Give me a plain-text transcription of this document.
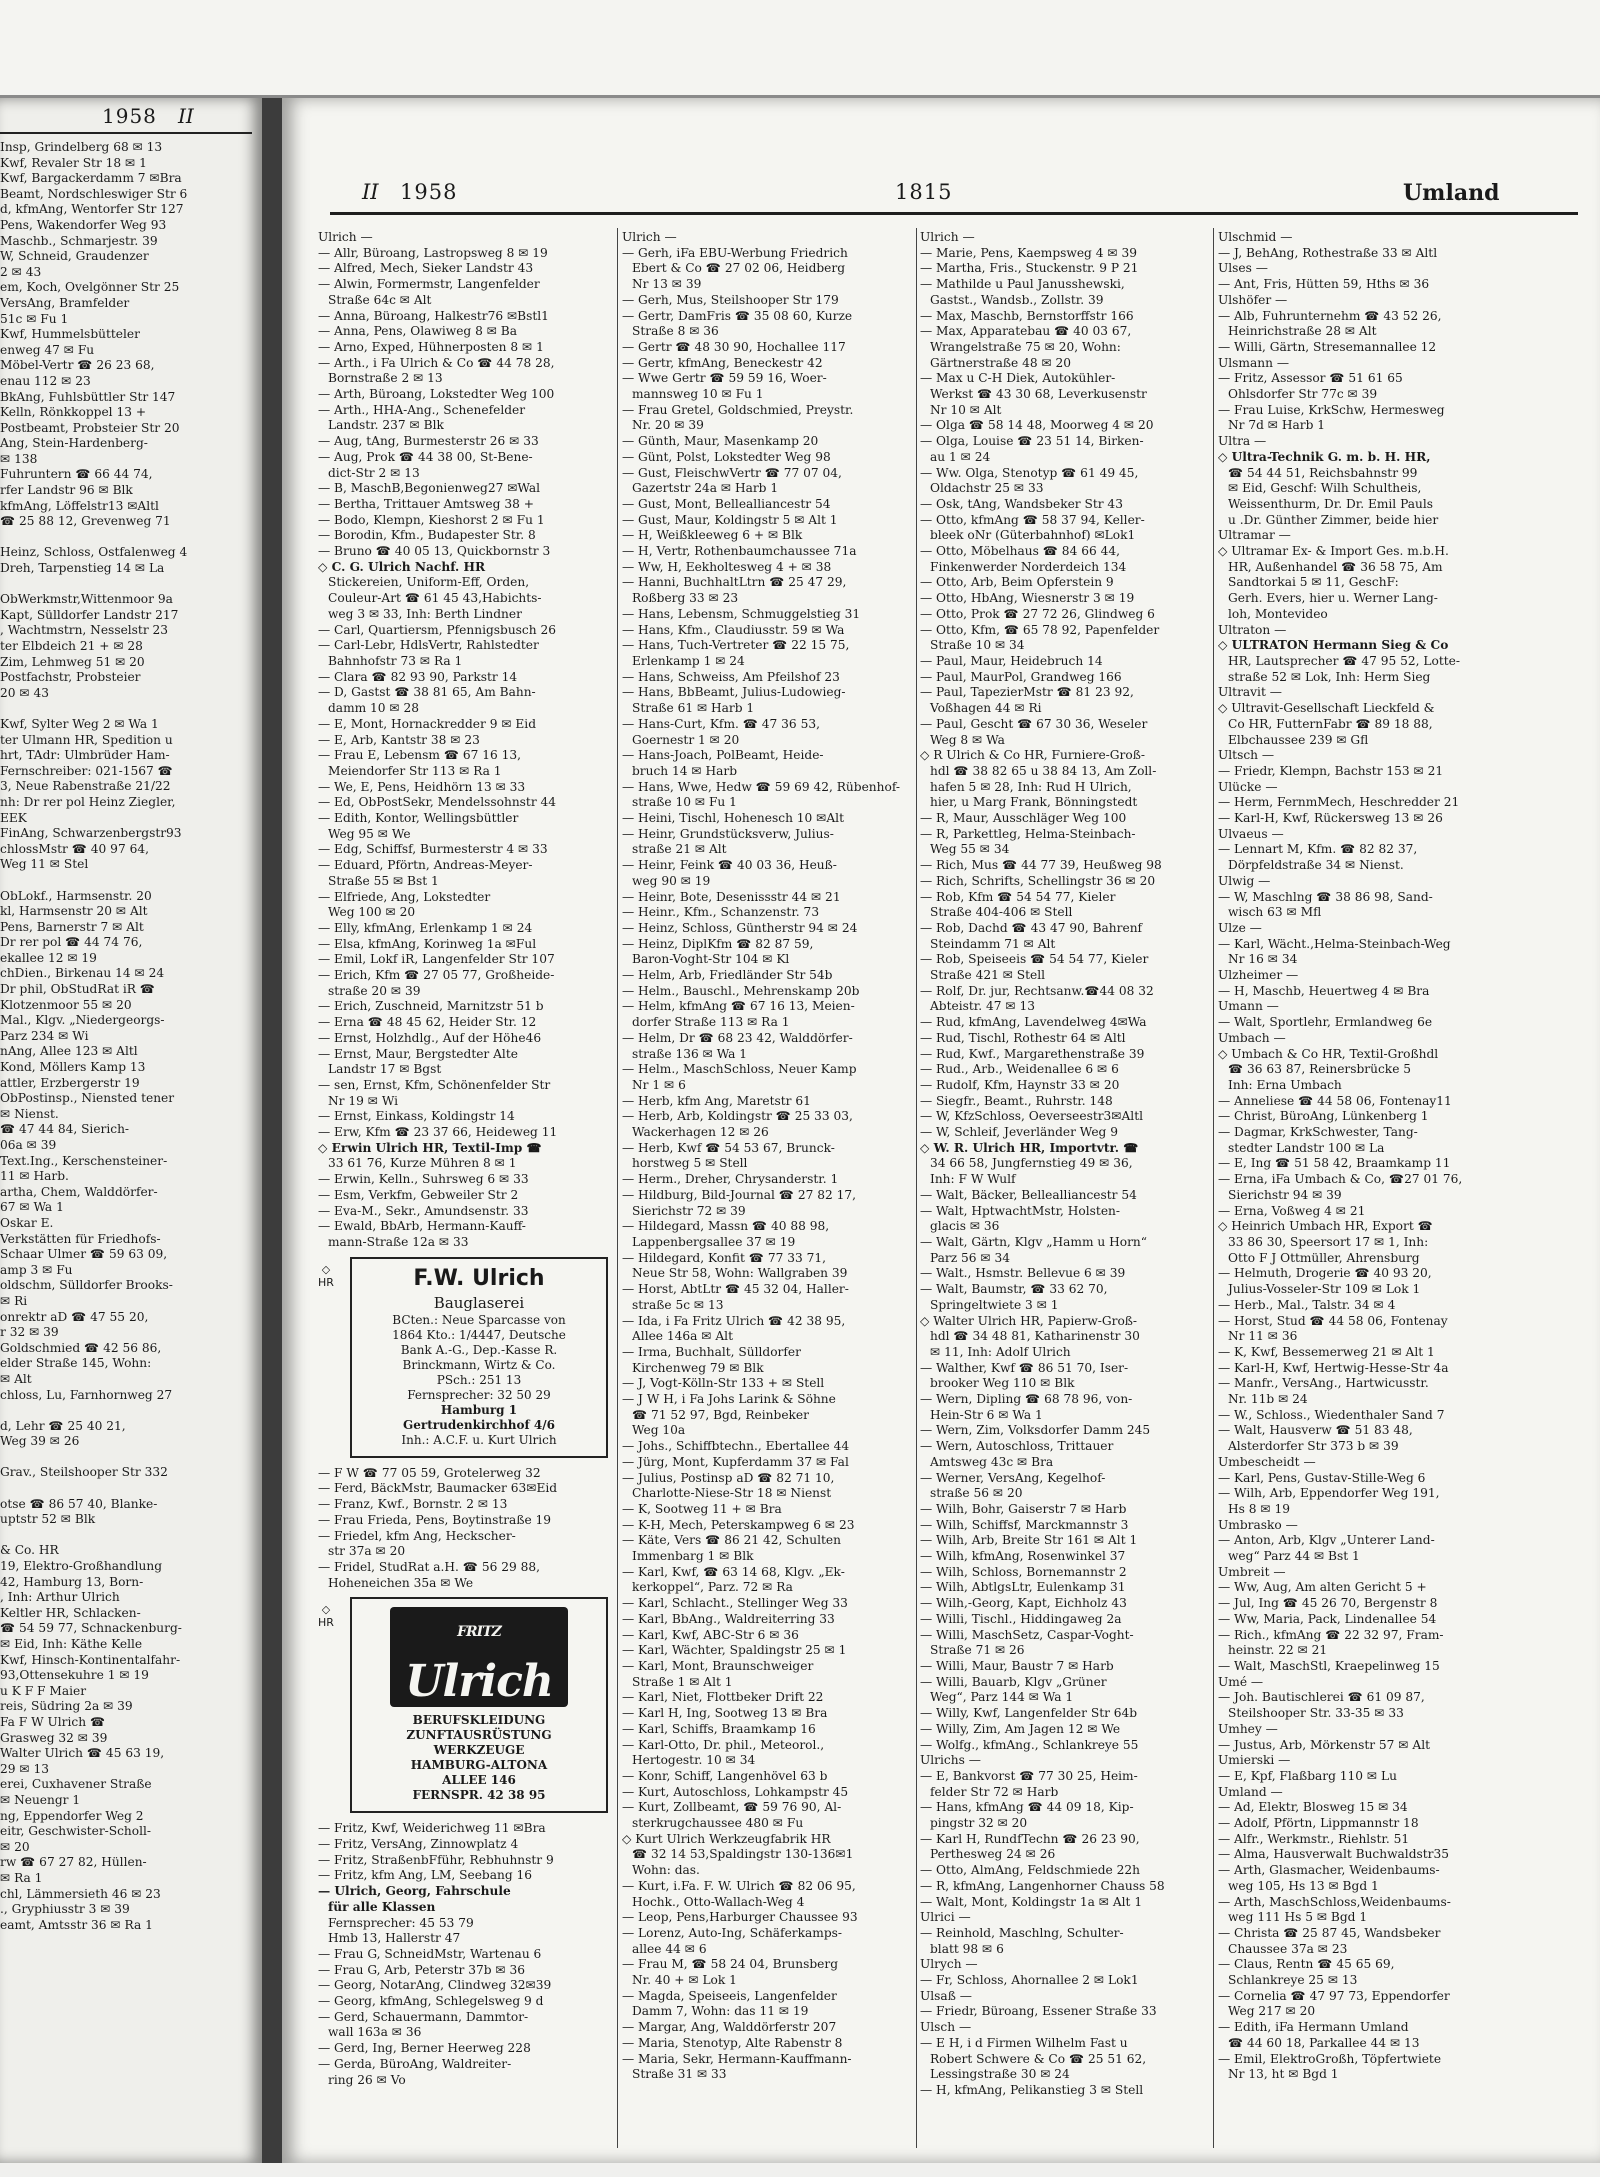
1958 II
Insp, Grindelberg 68 ✉ 13
Kwf, Revaler Str 18 ✉ 1
Kwf, Bargackerdamm 7 ✉Bra
Beamt, Nordschleswiger Str 6
d, kfmAng, Wentorfer Str 127
Pens, Wakendorfer Weg 93
Maschb., Schmarjestr. 39
W, Schneid, Graudenzer
2 ✉ 43
em, Koch, Ovelgönner Str 25
VersAng, Bramfelder
51c ✉ Fu 1
Kwf, Hummelsbütteler
enweg 47 ✉ Fu
Möbel-Vertr ☎ 26 23 68,
enau 112 ✉ 23
BkAng, Fuhlsbüttler Str 147
Kelln, Rönkkoppel 13 +
Postbeamt, Probsteier Str 20
Ang, Stein-Hardenberg-
✉ 138
Fuhruntern ☎ 66 44 74,
rfer Landstr 96 ✉ Blk
kfmAng, Löffelstr13 ✉Altl
☎ 25 88 12, Grevenweg 71

Heinz, Schloss, Ostfalenweg 4
Dreh, Tarpenstieg 14 ✉ La

ObWerkmstr,Wittenmoor 9a
Kapt, Sülldorfer Landstr 217
, Wachtmstrn, Nesselstr 23
ter Elbdeich 21 + ✉ 28
Zim, Lehmweg 51 ✉ 20
Postfachstr, Probsteier
20 ✉ 43

Kwf, Sylter Weg 2 ✉ Wa 1
ter Ulmann HR, Spedition u
hrt, TAdr: Ulmbrüder Ham-
Fernschreiber: 021-1567 ☎
3, Neue Rabenstraße 21/22
nh: Dr rer pol Heinz Ziegler,
EEK
FinAng, Schwarzenbergstr93
chlossMstr ☎ 40 97 64,
Weg 11 ✉ Stel

ObLokf., Harmsenstr. 20
kl, Harmsenstr 20 ✉ Alt
Pens, Barnerstr 7 ✉ Alt
Dr rer pol ☎ 44 74 76,
ekallee 12 ✉ 19
chDien., Birkenau 14 ✉ 24
Dr phil, ObStudRat iR ☎
Klotzenmoor 55 ✉ 20
Mal., Klgv. „Niedergeorgs-
Parz 234 ✉ Wi
nAng, Allee 123 ✉ Altl
Kond, Möllers Kamp 13
attler, Erzbergerstr 19
ObPostinsp., Niensted tener
✉ Nienst.
☎ 47 44 84, Sierich-
06a ✉ 39
Text.Ing., Kerschensteiner-
11 ✉ Harb.
artha, Chem, Walddörfer-
67 ✉ Wa 1
Oskar E.
Verkstätten für Friedhofs-
Schaar Ulmer ☎ 59 63 09,
amp 3 ✉ Fu
oldschm, Sülldorfer Brooks-
✉ Ri
onrektr aD ☎ 47 55 20,
r 32 ✉ 39
Goldschmied ☎ 42 56 86,
elder Straße 145, Wohn:
✉ Alt
chloss, Lu, Farnhornweg 27

d, Lehr ☎ 25 40 21,
Weg 39 ✉ 26

Grav., Steilshooper Str 332

otse ☎ 86 57 40, Blanke-
uptstr 52 ✉ Blk

& Co. HR
19, Elektro-Großhandlung
42, Hamburg 13, Born-
, Inh: Arthur Ulrich
Keltler HR, Schlacken-
☎ 54 59 77, Schnackenburg-
✉ Eid, Inh: Käthe Kelle
Kwf, Hinsch-Kontinentalfahr-
93,Ottensekuhre 1 ✉ 19
u K F F Maier
reis, Südring 2a ✉ 39
Fa F W Ulrich ☎
Grasweg 32 ✉ 39
Walter Ulrich ☎ 45 63 19,
29 ✉ 13
erei, Cuxhavener Straße
✉ Neuengr 1
ng, Eppendorfer Weg 2
eitr, Geschwister-Scholl-
✉ 20
rw ☎ 67 27 82, Hüllen-
✉ Ra 1
chl, Lämmersieth 46 ✉ 23
., Gryphiusstr 3 ✉ 39
eamt, Amtsstr 36 ✉ Ra 1
II 1958	1815	Umland
Ulrich —
— Allr, Büroang, Lastropsweg 8 ✉ 19
— Alfred, Mech, Sieker Landstr 43
— Alwin, Formermstr, Langenfelder
Straße 64c ✉ Alt
— Anna, Büroang, Halkestr76 ✉Bstl1
— Anna, Pens, Olawiweg 8 ✉ Ba
— Arno, Exped, Hühnerposten 8 ✉ 1
— Arth., i Fa Ulrich & Co ☎ 44 78 28,
Bornstraße 2 ✉ 13
— Arth, Büroang, Lokstedter Weg 100
— Arth., HHA-Ang., Schenefelder
Landstr. 237 ✉ Blk
— Aug, tAng, Burmesterstr 26 ✉ 33
— Aug, Prok ☎ 44 38 00, St-Bene-
dict-Str 2 ✉ 13
— B, MaschB,Begonienweg27 ✉Wal
— Bertha, Trittauer Amtsweg 38 +
— Bodo, Klempn, Kieshorst 2 ✉ Fu 1
— Borodin, Kfm., Budapester Str. 8
— Bruno ☎ 40 05 13, Quickbornstr 3
◇ C. G. Ulrich Nachf. HR
Stickereien, Uniform-Eff, Orden,
Couleur-Art ☎ 61 45 43,Habichts-
weg 3 ✉ 33, Inh: Berth Lindner
— Carl, Quartiersm, Pfennigsbusch 26
— Carl-Lebr, HdlsVertr, Rahlstedter
Bahnhofstr 73 ✉ Ra 1
— Clara ☎ 82 93 90, Parkstr 14
— D, Gastst ☎ 38 81 65, Am Bahn-
damm 10 ✉ 28
— E, Mont, Hornackredder 9 ✉ Eid
— E, Arb, Kantstr 38 ✉ 23
— Frau E, Lebensm ☎ 67 16 13,
Meiendorfer Str 113 ✉ Ra 1
— We, E, Pens, Heidhörn 13 ✉ 33
— Ed, ObPostSekr, Mendelssohnstr 44
— Edith, Kontor, Wellingsbüttler
Weg 95 ✉ We
— Edg, Schiffsf, Burmesterstr 4 ✉ 33
— Eduard, Pförtn, Andreas-Meyer-
Straße 55 ✉ Bst 1
— Elfriede, Ang, Lokstedter
Weg 100 ✉ 20
— Elly, kfmAng, Erlenkamp 1 ✉ 24
— Elsa, kfmAng, Korinweg 1a ✉Ful
— Emil, Lokf iR, Langenfelder Str 107
— Erich, Kfm ☎ 27 05 77, Großheide-
straße 20 ✉ 39
— Erich, Zuschneid, Marnitzstr 51 b
— Erna ☎ 48 45 62, Heider Str. 12
— Ernst, Holzhdlg., Auf der Höhe46
— Ernst, Maur, Bergstedter Alte
Landstr 17 ✉ Bgst
— sen, Ernst, Kfm, Schönenfelder Str
Nr 19 ✉ Wi
— Ernst, Einkass, Koldingstr 14
— Erw, Kfm ☎ 23 37 66, Heideweg 11
◇ Erwin Ulrich HR, Textil-Imp ☎
33 61 76, Kurze Mühren 8 ✉ 1
— Erwin, Kelln., Suhrsweg 6 ✉ 33
— Esm, Verkfm, Gebweiler Str 2
— Eva-M., Sekr., Amundsenstr. 33
— Ewald, BbArb, Hermann-Kauff-
mann-Straße 12a ✉ 33
◇
HR	F.W. Ulrich
Bauglaserei
BCten.: Neue Sparcasse von
1864 Kto.: 1/4447, Deutsche
Bank A.-G., Dep.-Kasse R.
Brinckmann, Wirtz & Co.
PSch.: 251 13
Fernsprecher: 32 50 29
Hamburg 1
Gertrudenkirchhof 4/6
Inh.: A.C.F. u. Kurt Ulrich
— F W ☎ 77 05 59, Grotelerweg 32
— Ferd, BäckMstr, Baumacker 63✉Eid
— Franz, Kwf., Bornstr. 2 ✉ 13
— Frau Frieda, Pens, Boytinstraße 19
— Friedel, kfm Ang, Heckscher-
str 37a ✉ 20
— Fridel, StudRat a.H. ☎ 56 29 88,
Hoheneichen 35a ✉ We
◇
HR
$^{FRITZ}$ Ulrich
BERUFSKLEIDUNG
ZUNFTAUSRÜSTUNG
WERKZEUGE
HAMBURG-ALTONA
ALLEE 146
FERNSPR. 42 38 95
— Fritz, Kwf, Weiderichweg 11 ✉Bra
— Fritz, VersAng, Zinnowplatz 4
— Fritz, StraßenbFführ, Rebhuhnstr 9
— Fritz, kfm Ang, LM, Seebang 16
— Ulrich, Georg, Fahrschule
für alle Klassen
Fernsprecher: 45 53 79
Hmb 13, Hallerstr 47
— Frau G, SchneidMstr, Wartenau 6
— Frau G, Arb, Peterstr 37b ✉ 36
— Georg, NotarAng, Clindweg 32✉39
— Georg, kfmAng, Schlegelsweg 9 d
— Gerd, Schauermann, Dammtor-
wall 163a ✉ 36
— Gerd, Ing, Berner Heerweg 228
— Gerda, BüroAng, Waldreiter-
ring 26 ✉ Vo
Ulrich —
— Gerh, iFa EBU-Werbung Friedrich
Ebert & Co ☎ 27 02 06, Heidberg
Nr 13 ✉ 39
— Gerh, Mus, Steilshooper Str 179
— Gertr, DamFris ☎ 35 08 60, Kurze
Straße 8 ✉ 36
— Gertr ☎ 48 30 90, Hochallee 117
— Gertr, kfmAng, Beneckestr 42
— Wwe Gertr ☎ 59 59 16, Woer-
mannsweg 10 ✉ Fu 1
— Frau Gretel, Goldschmied, Preystr.
Nr. 20 ✉ 39
— Günth, Maur, Masenkamp 20
— Günt, Polst, Lokstedter Weg 98
— Gust, FleischwVertr ☎ 77 07 04,
Gazertstr 24a ✉ Harb 1
— Gust, Mont, Bellealliancestr 54
— Gust, Maur, Koldingstr 5 ✉ Alt 1
— H, Weißkleeweg 6 + ✉ Blk
— H, Vertr, Rothenbaumchaussee 71a
— Ww, H, Eekholtesweg 4 + ✉ 38
— Hanni, BuchhaltLtrn ☎ 25 47 29,
Roßberg 33 ✉ 23
— Hans, Lebensm, Schmuggelstieg 31
— Hans, Kfm., Claudiusstr. 59 ✉ Wa
— Hans, Tuch-Vertreter ☎ 22 15 75,
Erlenkamp 1 ✉ 24
— Hans, Schweiss, Am Pfeilshof 23
— Hans, BbBeamt, Julius-Ludowieg-
Straße 61 ✉ Harb 1
— Hans-Curt, Kfm. ☎ 47 36 53,
Goernestr 1 ✉ 20
— Hans-Joach, PolBeamt, Heide-
bruch 14 ✉ Harb
— Hans, Wwe, Hedw ☎ 59 69 42, Rübenhof-
straße 10 ✉ Fu 1
— Heini, Tischl, Hohenesch 10 ✉Alt
— Heinr, Grundstücksverw, Julius-
straße 21 ✉ Alt
— Heinr, Feink ☎ 40 03 36, Heuß-
weg 90 ✉ 19
— Heinr, Bote, Desenissstr 44 ✉ 21
— Heinr., Kfm., Schanzenstr. 73
— Heinz, Schloss, Güntherstr 94 ✉ 24
— Heinz, DiplKfm ☎ 82 87 59,
Baron-Voght-Str 104 ✉ Kl
— Helm, Arb, Friedländer Str 54b
— Helm., Bauschl., Mehrenskamp 20b
— Helm, kfmAng ☎ 67 16 13, Meien-
dorfer Straße 113 ✉ Ra 1
— Helm, Dr ☎ 68 23 42, Walddörfer-
straße 136 ✉ Wa 1
— Helm., MaschSchloss, Neuer Kamp
Nr 1 ✉ 6
— Herb, kfm Ang, Maretstr 61
— Herb, Arb, Koldingstr ☎ 25 33 03,
Wackerhagen 12 ✉ 26
— Herb, Kwf ☎ 54 53 67, Brunck-
horstweg 5 ✉ Stell
— Herm., Dreher, Chrysanderstr. 1
— Hildburg, Bild-Journal ☎ 27 82 17,
Sierichstr 72 ✉ 39
— Hildegard, Massn ☎ 40 88 98,
Lappenbergsallee 37 ✉ 19
— Hildegard, Konfit ☎ 77 33 71,
Neue Str 58, Wohn: Wallgraben 39
— Horst, AbtLtr ☎ 45 32 04, Haller-
straße 5c ✉ 13
— Ida, i Fa Fritz Ulrich ☎ 42 38 95,
Allee 146a ✉ Alt
— Irma, Buchhalt, Sülldorfer
Kirchenweg 79 ✉ Blk
— J, Vogt-Kölln-Str 133 + ✉ Stell
— J W H, i Fa Johs Larink & Söhne
☎ 71 52 97, Bgd, Reinbeker
Weg 10a
— Johs., Schiffbtechn., Ebertallee 44
— Jürg, Mont, Kupferdamm 37 ✉ Fal
— Julius, Postinsp aD ☎ 82 71 10,
Charlotte-Niese-Str 18 ✉ Nienst
— K, Sootweg 11 + ✉ Bra
— K-H, Mech, Peterskampweg 6 ✉ 23
— Käte, Vers ☎ 86 21 42, Schulten
Immenbarg 1 ✉ Blk
— Karl, Kwf, ☎ 63 14 68, Klgv. „Ek-
kerkoppel“, Parz. 72 ✉ Ra
— Karl, Schlacht., Stellinger Weg 33
— Karl, BbAng., Waldreiterring 33
— Karl, Kwf, ABC-Str 6 ✉ 36
— Karl, Wächter, Spaldingstr 25 ✉ 1
— Karl, Mont, Braunschweiger
Straße 1 ✉ Alt 1
— Karl, Niet, Flottbeker Drift 22
— Karl H, Ing, Sootweg 13 ✉ Bra
— Karl, Schiffs, Braamkamp 16
— Karl-Otto, Dr. phil., Meteorol.,
Hertogestr. 10 ✉ 34
— Konr, Schiff, Langenhövel 63 b
— Kurt, Autoschloss, Lohkampstr 45
— Kurt, Zollbeamt, ☎ 59 76 90, Al-
sterkrugchaussee 480 ✉ Fu
◇ Kurt Ulrich Werkzeugfabrik HR
☎ 32 14 53,Spaldingstr 130-136✉1
Wohn: das.
— Kurt, i.Fa. F. W. Ulrich ☎ 82 06 95,
Hochk., Otto-Wallach-Weg 4
— Leop, Pens,Harburger Chaussee 93
— Lorenz, Auto-Ing, Schäferkamps-
allee 44 ✉ 6
— Frau M, ☎ 58 24 04, Brunsberg
Nr. 40 + ✉ Lok 1
— Magda, Speiseeis, Langenfelder
Damm 7, Wohn: das 11 ✉ 19
— Margar, Ang, Walddörferstr 207
— Maria, Stenotyp, Alte Rabenstr 8
— Maria, Sekr, Hermann-Kauffmann-
Straße 31 ✉ 33
Ulrich —
— Marie, Pens, Kaempsweg 4 ✉ 39
— Martha, Fris., Stuckenstr. 9 P 21
— Mathilde u Paul Janusshewski,
Gastst., Wandsb., Zollstr. 39
— Max, Maschb, Bernstorffstr 166
— Max, Apparatebau ☎ 40 03 67,
Wrangelstraße 75 ✉ 20, Wohn:
Gärtnerstraße 48 ✉ 20
— Max u C-H Diek, Autokühler-
Werkst ☎ 43 30 68, Leverkusenstr
Nr 10 ✉ Alt
— Olga ☎ 58 14 48, Moorweg 4 ✉ 20
— Olga, Louise ☎ 23 51 14, Birken-
au 1 ✉ 24
— Ww. Olga, Stenotyp ☎ 61 49 45,
Oldachstr 25 ✉ 33
— Osk, tAng, Wandsbeker Str 43
— Otto, kfmAng ☎ 58 37 94, Keller-
bleek oNr (Güterbahnhof) ✉Lok1
— Otto, Möbelhaus ☎ 84 66 44,
Finkenwerder Norderdeich 134
— Otto, Arb, Beim Opferstein 9
— Otto, HbAng, Wiesnerstr 3 ✉ 19
— Otto, Prok ☎ 27 72 26, Glindweg 6
— Otto, Kfm, ☎ 65 78 92, Papenfelder
Straße 10 ✉ 34
— Paul, Maur, Heidebruch 14
— Paul, MaurPol, Grandweg 166
— Paul, TapezierMstr ☎ 81 23 92,
Voßhagen 44 ✉ Ri
— Paul, Gescht ☎ 67 30 36, Weseler
Weg 8 ✉ Wa
◇ R Ulrich & Co HR, Furniere-Groß-
hdl ☎ 38 82 65 u 38 84 13, Am Zoll-
hafen 5 ✉ 28, Inh: Rud H Ulrich,
hier, u Marg Frank, Bönningstedt
— R, Maur, Ausschläger Weg 100
— R, Parkettleg, Helma-Steinbach-
Weg 55 ✉ 34
— Rich, Mus ☎ 44 77 39, Heußweg 98
— Rich, Schrifts, Schellingstr 36 ✉ 20
— Rob, Kfm ☎ 54 54 77, Kieler
Straße 404-406 ✉ Stell
— Rob, Dachd ☎ 43 47 90, Bahrenf
Steindamm 71 ✉ Alt
— Rob, Speiseeis ☎ 54 54 77, Kieler
Straße 421 ✉ Stell
— Rolf, Dr. jur, Rechtsanw.☎44 08 32
Abteistr. 47 ✉ 13
— Rud, kfmAng, Lavendelweg 4✉Wa
— Rud, Tischl, Rothestr 64 ✉ Altl
— Rud, Kwf., Margarethenstraße 39
— Rud., Arb., Weidenallee 6 ✉ 6
— Rudolf, Kfm, Haynstr 33 ✉ 20
— Siegfr., Beamt., Ruhrstr. 148
— W, KfzSchloss, Oeverseestr3✉Altl
— W, Schleif, Jeverländer Weg 9
◇ W. R. Ulrich HR, Importvtr. ☎
34 66 58, Jungfernstieg 49 ✉ 36,
Inh: F W Wulf
— Walt, Bäcker, Bellealliancestr 54
— Walt, HptwachtMstr, Holsten-
glacis ✉ 36
— Walt, Gärtn, Klgv „Hamm u Horn“
Parz 56 ✉ 34
— Walt., Hsmstr. Bellevue 6 ✉ 39
— Walt, Baumstr, ☎ 33 62 70,
Springeltwiete 3 ✉ 1
◇ Walter Ulrich HR, Papierw-Groß-
hdl ☎ 34 48 81, Katharinenstr 30
✉ 11, Inh: Adolf Ulrich
— Walther, Kwf ☎ 86 51 70, Iser-
brooker Weg 110 ✉ Blk
— Wern, Dipling ☎ 68 78 96, von-
Hein-Str 6 ✉ Wa 1
— Wern, Zim, Volksdorfer Damm 245
— Wern, Autoschloss, Trittauer
Amtsweg 43c ✉ Bra
— Werner, VersAng, Kegelhof-
straße 56 ✉ 20
— Wilh, Bohr, Gaiserstr 7 ✉ Harb
— Wilh, Schiffsf, Marckmannstr 3
— Wilh, Arb, Breite Str 161 ✉ Alt 1
— Wilh, kfmAng, Rosenwinkel 37
— Wilh, Schloss, Bornemannstr 2
— Wilh, AbtlgsLtr, Eulenkamp 31
— Wilh,-Georg, Kapt, Eichholz 43
— Willi, Tischl., Hiddingaweg 2a
— Willi, MaschSetz, Caspar-Voght-
Straße 71 ✉ 26
— Willi, Maur, Baustr 7 ✉ Harb
— Willi, Bauarb, Klgv „Grüner
Weg“, Parz 144 ✉ Wa 1
— Willy, Kwf, Langenfelder Str 64b
— Willy, Zim, Am Jagen 12 ✉ We
— Wolfg., kfmAng., Schlankreye 55
Ulrichs —
— E, Bankvorst ☎ 77 30 25, Heim-
felder Str 72 ✉ Harb
— Hans, kfmAng ☎ 44 09 18, Kip-
pingstr 32 ✉ 20
— Karl H, RundfTechn ☎ 26 23 90,
Perthesweg 24 ✉ 26
— Otto, AlmAng, Feldschmiede 22h
— R, kfmAng, Langenhorner Chauss 58
— Walt, Mont, Koldingstr 1a ✉ Alt 1
Ulrici —
— Reinhold, Maschlng, Schulter-
blatt 98 ✉ 6
Ulrych —
— Fr, Schloss, Ahornallee 2 ✉ Lok1
Ulsaß —
— Friedr, Büroang, Essener Straße 33
Ulsch —
— E H, i d Firmen Wilhelm Fast u
Robert Schwere & Co ☎ 25 51 62,
Lessingstraße 30 ✉ 24
— H, kfmAng, Pelikanstieg 3 ✉ Stell
Ulschmid —
— J, BehAng, Rothestraße 33 ✉ Altl
Ulses —
— Ant, Fris, Hütten 59, Hths ✉ 36
Ulshöfer —
— Alb, Fuhrunternehm ☎ 43 52 26,
Heinrichstraße 28 ✉ Alt
— Willi, Gärtn, Stresemannallee 12
Ulsmann —
— Fritz, Assessor ☎ 51 61 65
Ohlsdorfer Str 77c ✉ 39
— Frau Luise, KrkSchw, Hermesweg
Nr 7d ✉ Harb 1
Ultra —
◇ Ultra-Technik G. m. b. H. HR,
☎ 54 44 51, Reichsbahnstr 99
✉ Eid, Geschf: Wilh Schultheis,
Weissenthurm, Dr. Dr. Emil Pauls
u .Dr. Günther Zimmer, beide hier
Ultramar —
◇ Ultramar Ex- & Import Ges. m.b.H.
HR, Außenhandel ☎ 36 58 75, Am
Sandtorkai 5 ✉ 11, GeschF:
Gerh. Evers, hier u. Werner Lang-
loh, Montevideo
Ultraton —
◇ ULTRATON Hermann Sieg & Co
HR, Lautsprecher ☎ 47 95 52, Lotte-
straße 52 ✉ Lok, Inh: Herm Sieg
Ultravit —
◇ Ultravit-Gesellschaft Lieckfeld &
Co HR, FutternFabr ☎ 89 18 88,
Elbchaussee 239 ✉ Gfl
Ultsch —
— Friedr, Klempn, Bachstr 153 ✉ 21
Ulücke —
— Herm, FernmMech, Heschredder 21
— Karl-H, Kwf, Rückersweg 13 ✉ 26
Ulvaeus —
— Lennart M, Kfm. ☎ 82 82 37,
Dörpfeldstraße 34 ✉ Nienst.
Ulwig —
— W, Maschlng ☎ 38 86 98, Sand-
wisch 63 ✉ Mfl
Ulze —
— Karl, Wächt.,Helma-Steinbach-Weg
Nr 16 ✉ 34
Ulzheimer —
— H, Maschb, Heuertweg 4 ✉ Bra
Umann —
— Walt, Sportlehr, Ermlandweg 6e
Umbach —
◇ Umbach & Co HR, Textil-Großhdl
☎ 36 63 87, Reinersbrücke 5
Inh: Erna Umbach
— Anneliese ☎ 44 58 06, Fontenay11
— Christ, BüroAng, Lünkenberg 1
— Dagmar, KrkSchwester, Tang-
stedter Landstr 100 ✉ La
— E, Ing ☎ 51 58 42, Braamkamp 11
— Erna, iFa Umbach & Co, ☎27 01 76,
Sierichstr 94 ✉ 39
— Erna, Voßweg 4 ✉ 21
◇ Heinrich Umbach HR, Export ☎
33 86 30, Speersort 17 ✉ 1, Inh:
Otto F J Ottmüller, Ahrensburg
— Helmuth, Drogerie ☎ 40 93 20,
Julius-Vosseler-Str 109 ✉ Lok 1
— Herb., Mal., Talstr. 34 ✉ 4
— Horst, Stud ☎ 44 58 06, Fontenay
Nr 11 ✉ 36
— K, Kwf, Bessemerweg 21 ✉ Alt 1
— Karl-H, Kwf, Hertwig-Hesse-Str 4a
— Manfr., VersAng., Hartwicusstr.
Nr. 11b ✉ 24
— W., Schloss., Wiedenthaler Sand 7
— Walt, Hausverw ☎ 51 83 48,
Alsterdorfer Str 373 b ✉ 39
Umbescheidt —
— Karl, Pens, Gustav-Stille-Weg 6
— Wilh, Arb, Eppendorfer Weg 191,
Hs 8 ✉ 19
Umbrasko —
— Anton, Arb, Klgv „Unterer Land-
weg“ Parz 44 ✉ Bst 1
Umbreit —
— Ww, Aug, Am alten Gericht 5 +
— Jul, Ing ☎ 45 26 70, Bergenstr 8
— Ww, Maria, Pack, Lindenallee 54
— Rich., kfmAng ☎ 22 32 97, Fram-
heinstr. 22 ✉ 21
— Walt, MaschStl, Kraepelinweg 15
Umé —
— Joh. Bautischlerei ☎ 61 09 87,
Steilshooper Str. 33-35 ✉ 33
Umhey —
— Justus, Arb, Mörkenstr 57 ✉ Alt
Umierski —
— E, Kpf, Flaßbarg 110 ✉ Lu
Umland —
— Ad, Elektr, Blosweg 15 ✉ 34
— Adolf, Pförtn, Lippmannstr 18
— Alfr., Werkmstr., Riehlstr. 51
— Alma, Hausverwalt Buchwaldstr35
— Arth, Glasmacher, Weidenbaums-
weg 105, Hs 13 ✉ Bgd 1
— Arth, MaschSchloss,Weidenbaums-
weg 111 Hs 5 ✉ Bgd 1
— Christa ☎ 25 87 45, Wandsbeker
Chaussee 37a ✉ 23
— Claus, Rentn ☎ 45 65 69,
Schlankreye 25 ✉ 13
— Cornelia ☎ 47 97 73, Eppendorfer
Weg 217 ✉ 20
— Edith, iFa Hermann Umland
☎ 44 60 18, Parkallee 44 ✉ 13
— Emil, ElektroGroßh, Töpfertwiete
Nr 13, ht ✉ Bgd 1
